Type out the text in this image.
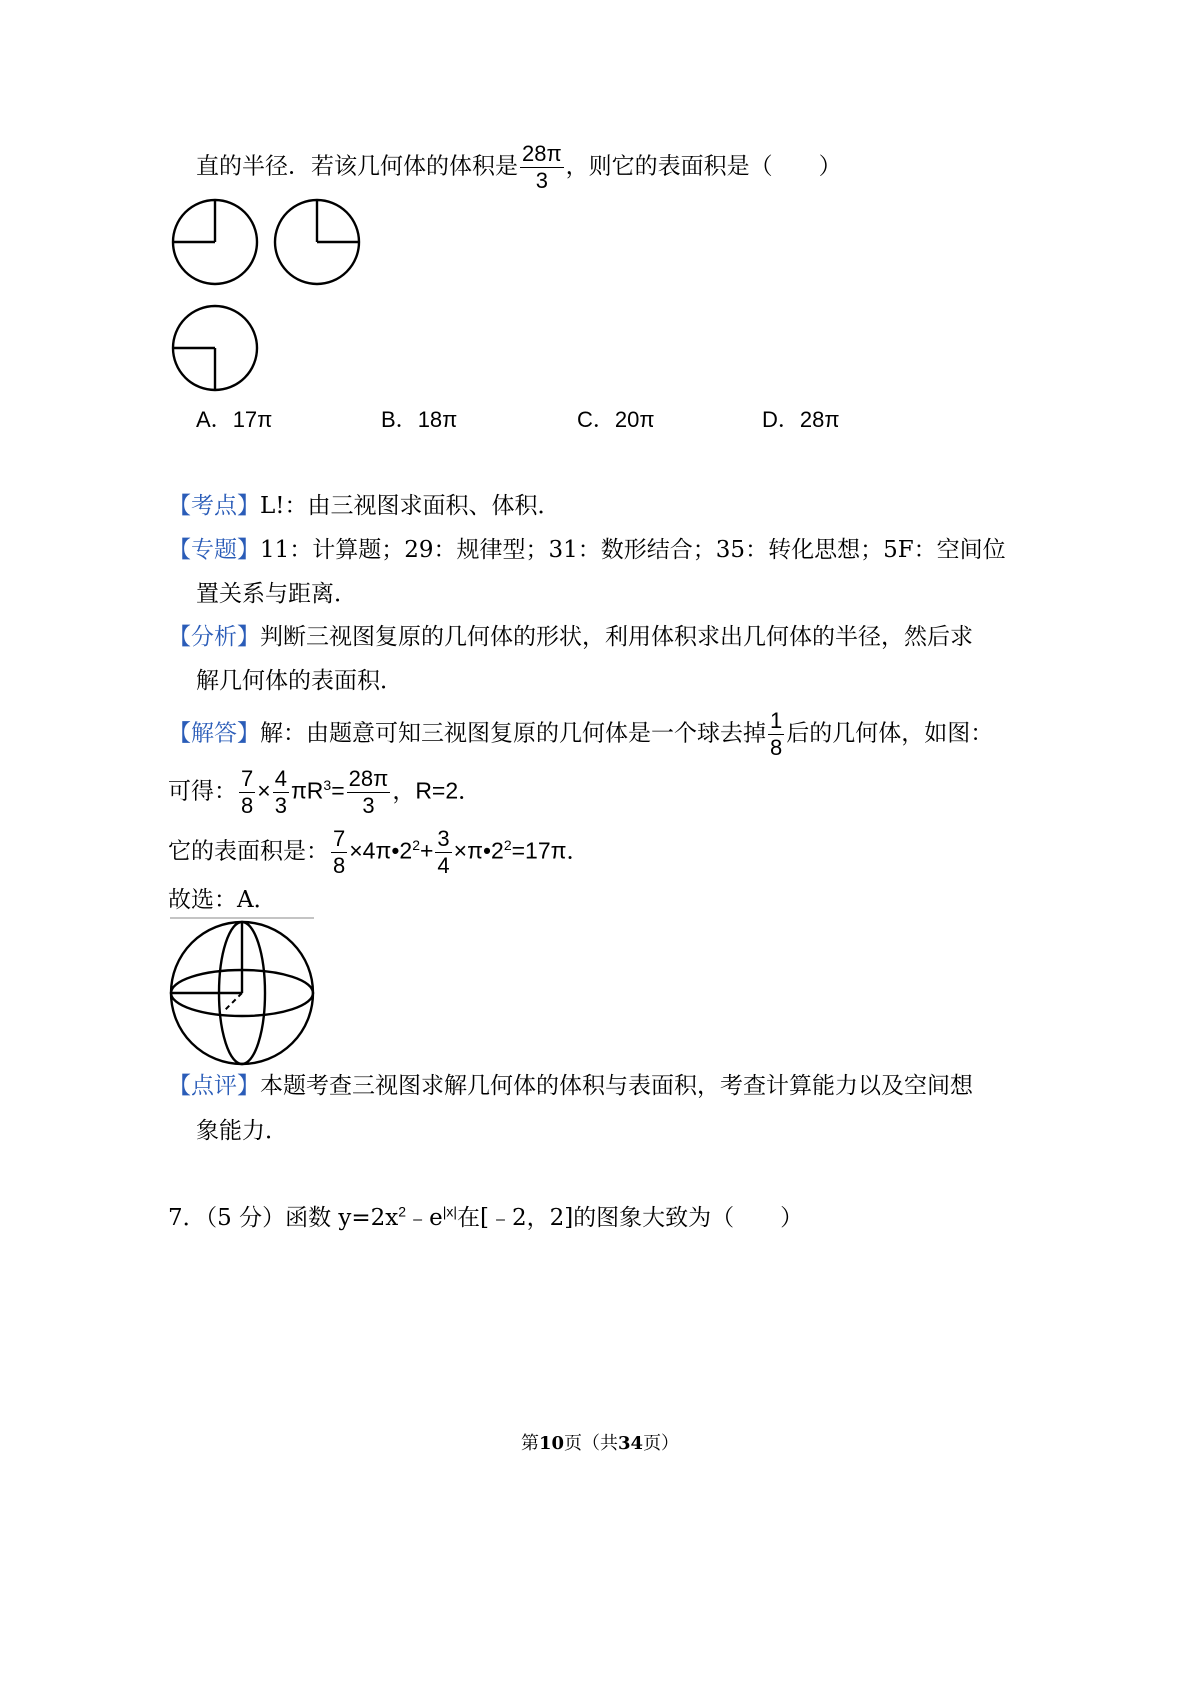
直的半径．若该几何体的体积是 $\frac{28\pi}{3}$ ，则它的表面积是（　　）
A．17π	B．18π	C．20π	D．28π
【考点】L!：由三视图求面积、体积．
【专题】11：计算题；29：规律型；31：数形结合；35：转化思想；5F：空间位
置关系与距离．
【分析】判断三视图复原的几何体的形状，利用体积求出几何体的半径，然后求
解几何体的表面积．
【解答】解：由题意可知三视图复原的几何体是一个球去掉 $\frac{1}{8}$ 后的几何体，如图：
可得： $\frac{7}{8} \times \frac{4}{3} \pi R^3= \frac{28\pi}{3}$ ，R=2．
它的表面积是： $\frac{7}{8}$ $\times 4\pi•2^2+ \frac{3}{4}$ $\times\pi•2^2=17\pi$．
故选：A．
【点评】本题考查三视图求解几何体的体积与表面积，考查计算能力以及空间想
象能力．
7．（5 分）函数 $y=2x^2﹣e^{|x|}$在[﹣2，2]的图象大致为（　　）
第10页（共34页）
